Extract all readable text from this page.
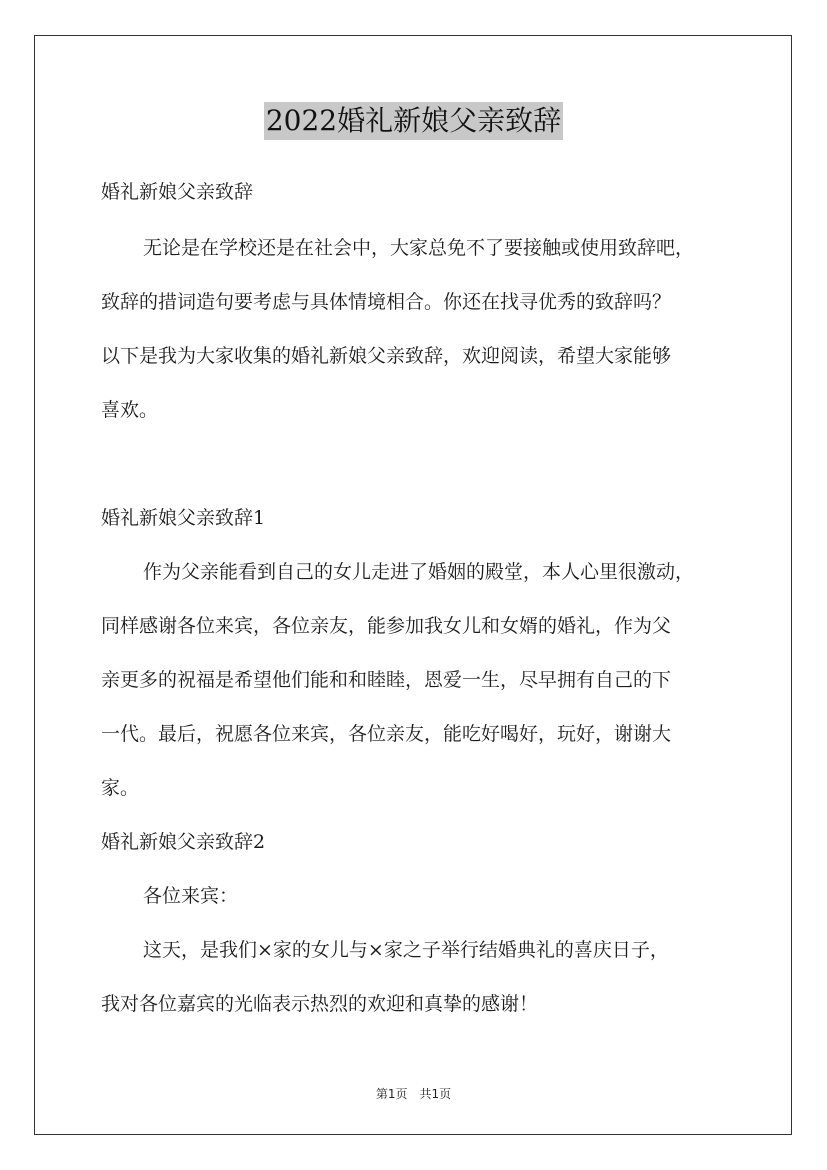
2022婚礼新娘父亲致辞
婚礼新娘父亲致辞
无论是在学校还是在社会中，大家总免不了要接触或使用致辞吧，
致辞的措词造句要考虑与具体情境相合。你还在找寻优秀的致辞吗？
以下是我为大家收集的婚礼新娘父亲致辞，欢迎阅读，希望大家能够
喜欢。
婚礼新娘父亲致辞1
作为父亲能看到自己的女儿走进了婚姻的殿堂，本人心里很激动，
同样感谢各位来宾，各位亲友，能参加我女儿和女婿的婚礼，作为父
亲更多的祝福是希望他们能和和睦睦，恩爱一生，尽早拥有自己的下
一代。最后，祝愿各位来宾，各位亲友，能吃好喝好，玩好，谢谢大
家。
婚礼新娘父亲致辞2
各位来宾：
这天，是我们×家的女儿与×家之子举行结婚典礼的喜庆日子，
我对各位嘉宾的光临表示热烈的欢迎和真挚的感谢！
第1页　共1页
